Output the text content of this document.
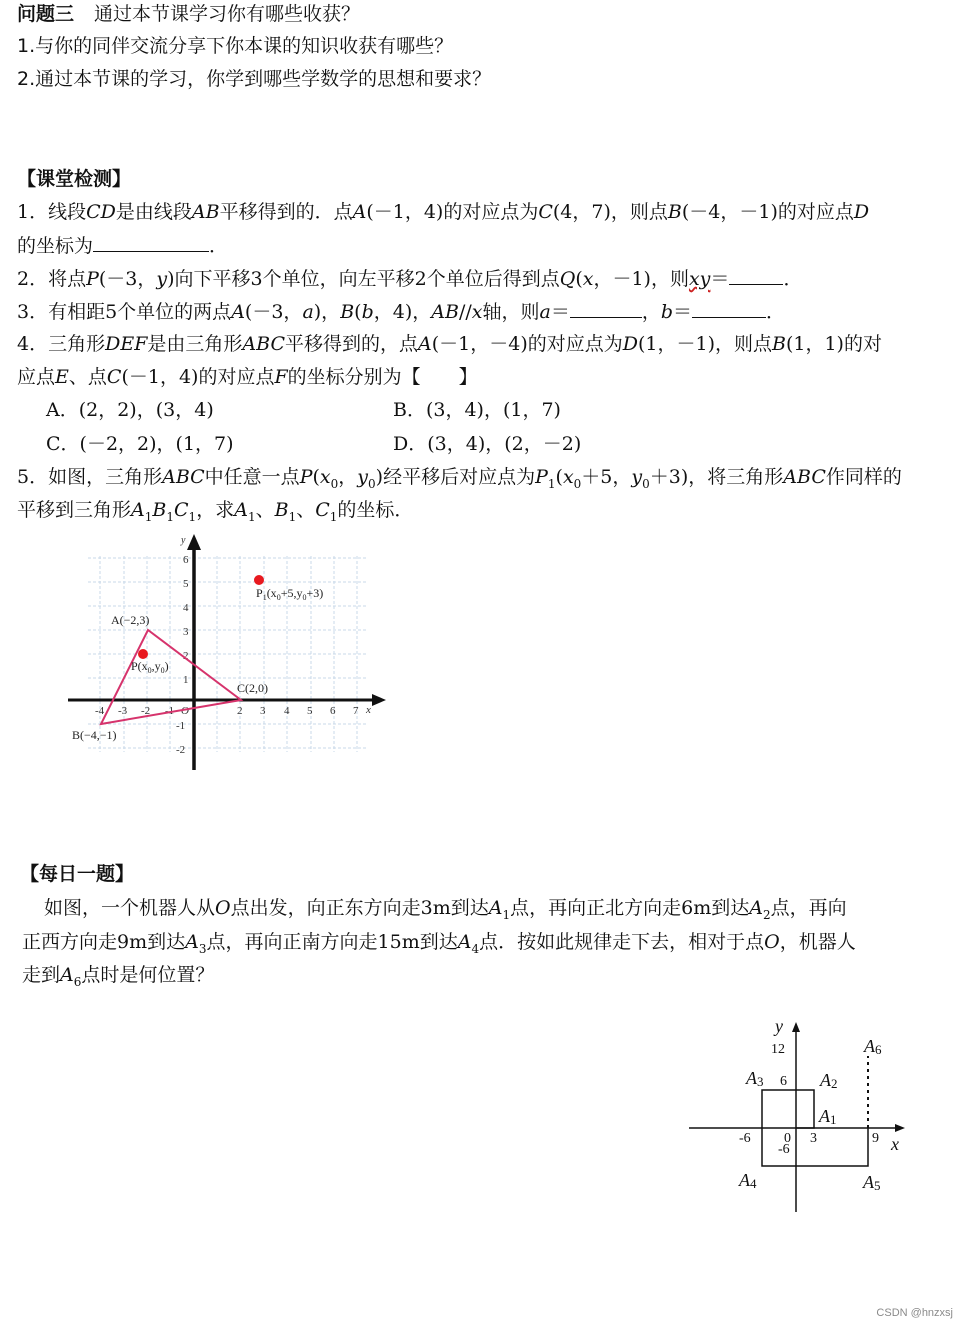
问题三 通过本节课学习你有哪些收获？
1.与你的同伴交流分享下你本课的知识收获有哪些？
2.通过本节课的学习，你学到哪些学数学的思想和要求？
【课堂检测】
1．线段CD是由线段AB平移得到的．点A(－1，4)的对应点为C(4，7)，则点B(－4，－1)的对应点D
的坐标为	．
2．将点P(－3，y)向下平移3个单位，向左平移2个单位后得到点Q(x，－1)，则xy＝	．
3．有相距5个单位的两点A(－3，a)，B(b，4)，AB//x轴，则a＝	，b＝	．
4．三角形DEF是由三角形ABC平移得到的，点A(－1，－4)的对应点为D(1，－1)，则点B(1，1)的对
应点E、点C(－1，4)的对应点F的坐标分别为【　　】
A．(2，2)，(3，4)	B．(3，4)，(1，7)
C．(－2，2)，(1，7)	D．(3，4)，(2，－2)
5．如图，三角形ABC中任意一点$P(x_0$，$y_0$)经平移后对应点为$P_1(x_0+5$，$y_0+3$)，将三角形ABC作同样的
平移到三角形$A_1B_1C_1$，求$A_1$、$B_1$、$C_1$的坐标．
y
x
-4 -3 -2 -1 O	2 3 4 5 6 7
6
5
4
3
2
1
-1
-2
A(−2,3)
B(−4,−1)
C(2,0)
$P(x_0,y_0)$
$P_1(x_0+5,y_0+3)$
【每日一题】
如图，一个机器人从O点出发，向正东方向走3m到达$A_1$点，再向正北方向走6m到达$A_2$点，再向
正西方向走9m到达$A_3$点，再向正南方向走15m到达$A_4$点．按如此规律走下去，相对于点O，机器人
走到$A_6$点时是何位置？
y
x
12
6
-6 0
-6
3	9
A1
A2
A3
A4	A5
A6
CSDN @hnzxsj
